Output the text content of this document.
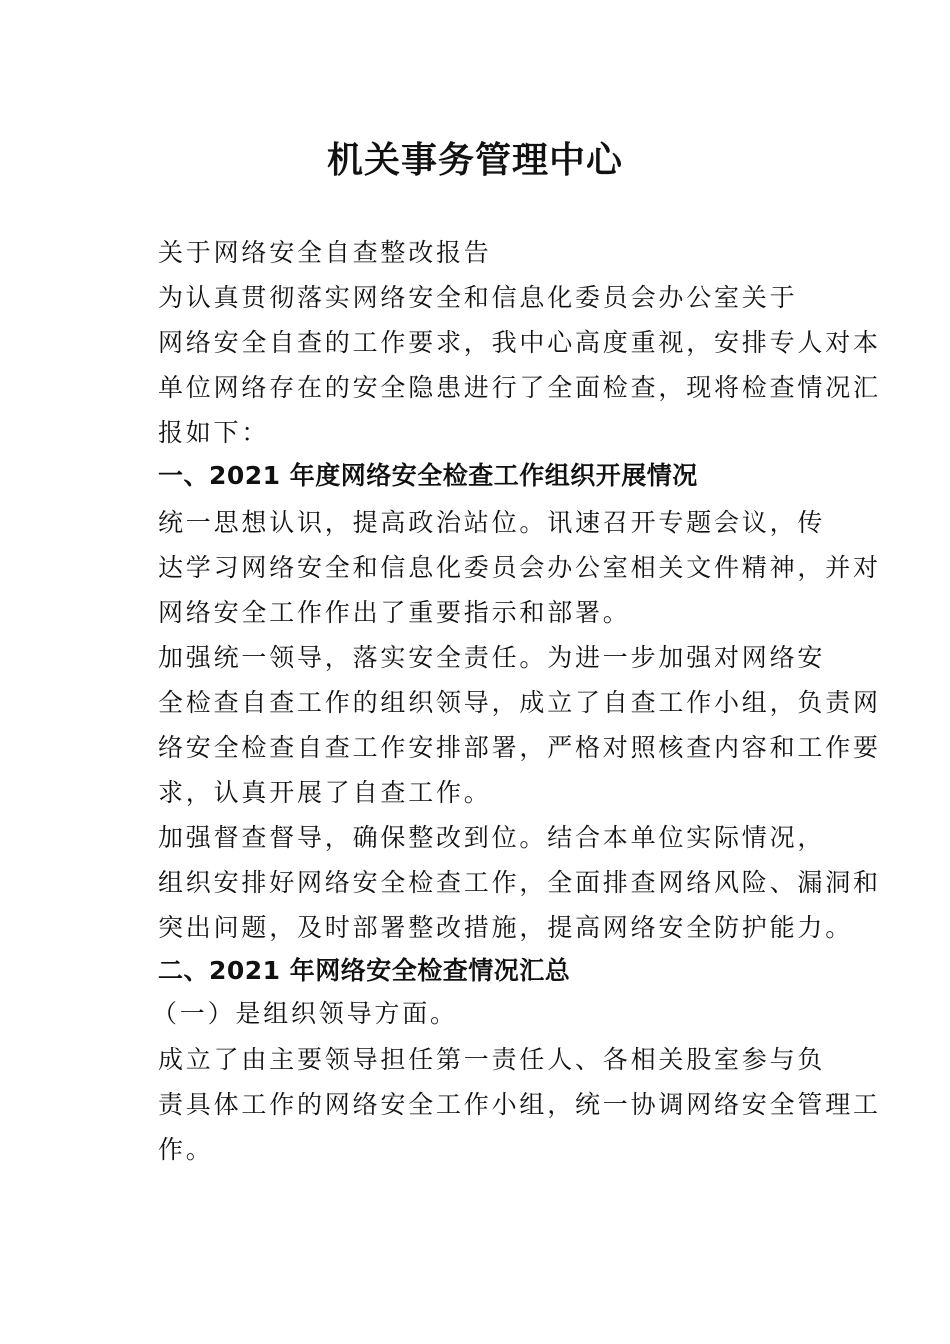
机关事务管理中心
关于网络安全自查整改报告
为认真贯彻落实网络安全和信息化委员会办公室关于
网络安全自查的工作要求，我中心高度重视，安排专人对本
单位网络存在的安全隐患进行了全面检查，现将检查情况汇
报如下：
一、2021 年度网络安全检查工作组织开展情况
统一思想认识，提高政治站位。讯速召开专题会议，传
达学习网络安全和信息化委员会办公室相关文件精神，并对
网络安全工作作出了重要指示和部署。
加强统一领导，落实安全责任。为进一步加强对网络安
全检查自查工作的组织领导，成立了自查工作小组，负责网
络安全检查自查工作安排部署，严格对照核查内容和工作要
求，认真开展了自查工作。
加强督查督导，确保整改到位。结合本单位实际情况，
组织安排好网络安全检查工作，全面排查网络风险、漏洞和
突出问题，及时部署整改措施，提高网络安全防护能力。
二、2021 年网络安全检查情况汇总
（一）是组织领导方面。
成立了由主要领导担任第一责任人、各相关股室参与负
责具体工作的网络安全工作小组，统一协调网络安全管理工
作。
